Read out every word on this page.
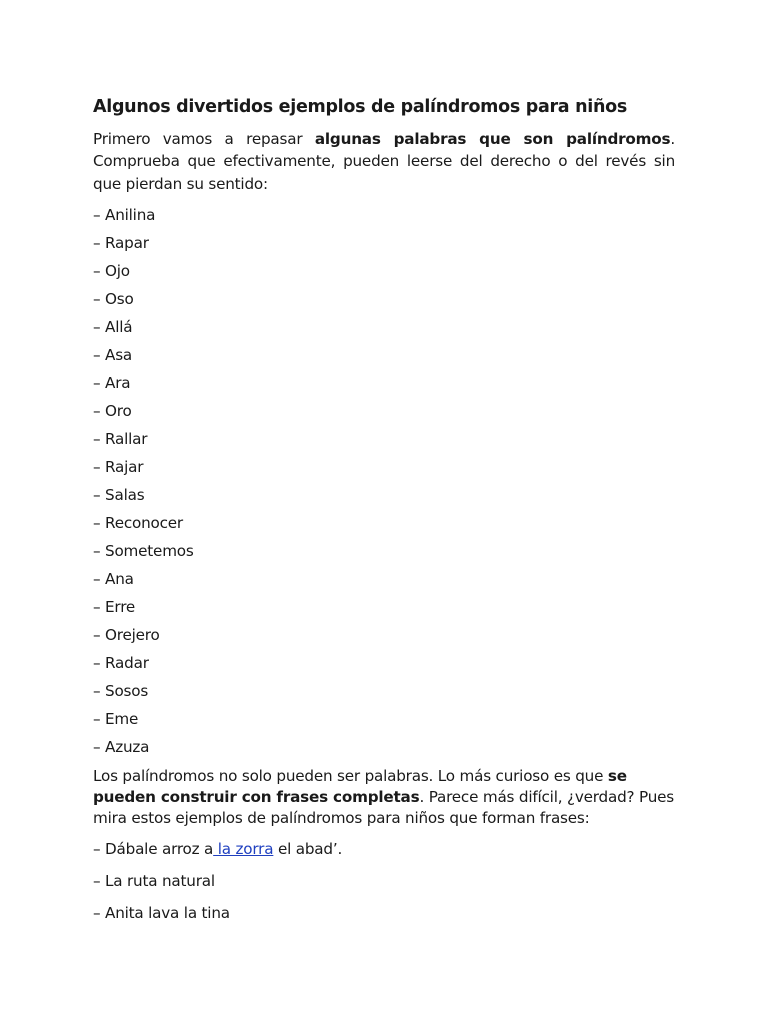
Algunos divertidos ejemplos de palíndromos para niños

Primero vamos a repasar algunas palabras que son palíndromos. Comprueba que efectivamente, pueden leerse del derecho o del revés sin que pierdan su sentido:

– Anilina
– Rapar
– Ojo
– Oso
– Allá
– Asa
– Ara
– Oro
– Rallar
– Rajar
– Salas
– Reconocer
– Sometemos
– Ana
– Erre
– Orejero
– Radar
– Sosos
– Eme
– Azuza

Los palíndromos no solo pueden ser palabras. Lo más curioso es que se pueden construir con frases completas. Parece más difícil, ¿verdad? Pues mira estos ejemplos de palíndromos para niños que forman frases:

– Dábale arroz a la zorra el abad’.
– La ruta natural
– Anita lava la tina
